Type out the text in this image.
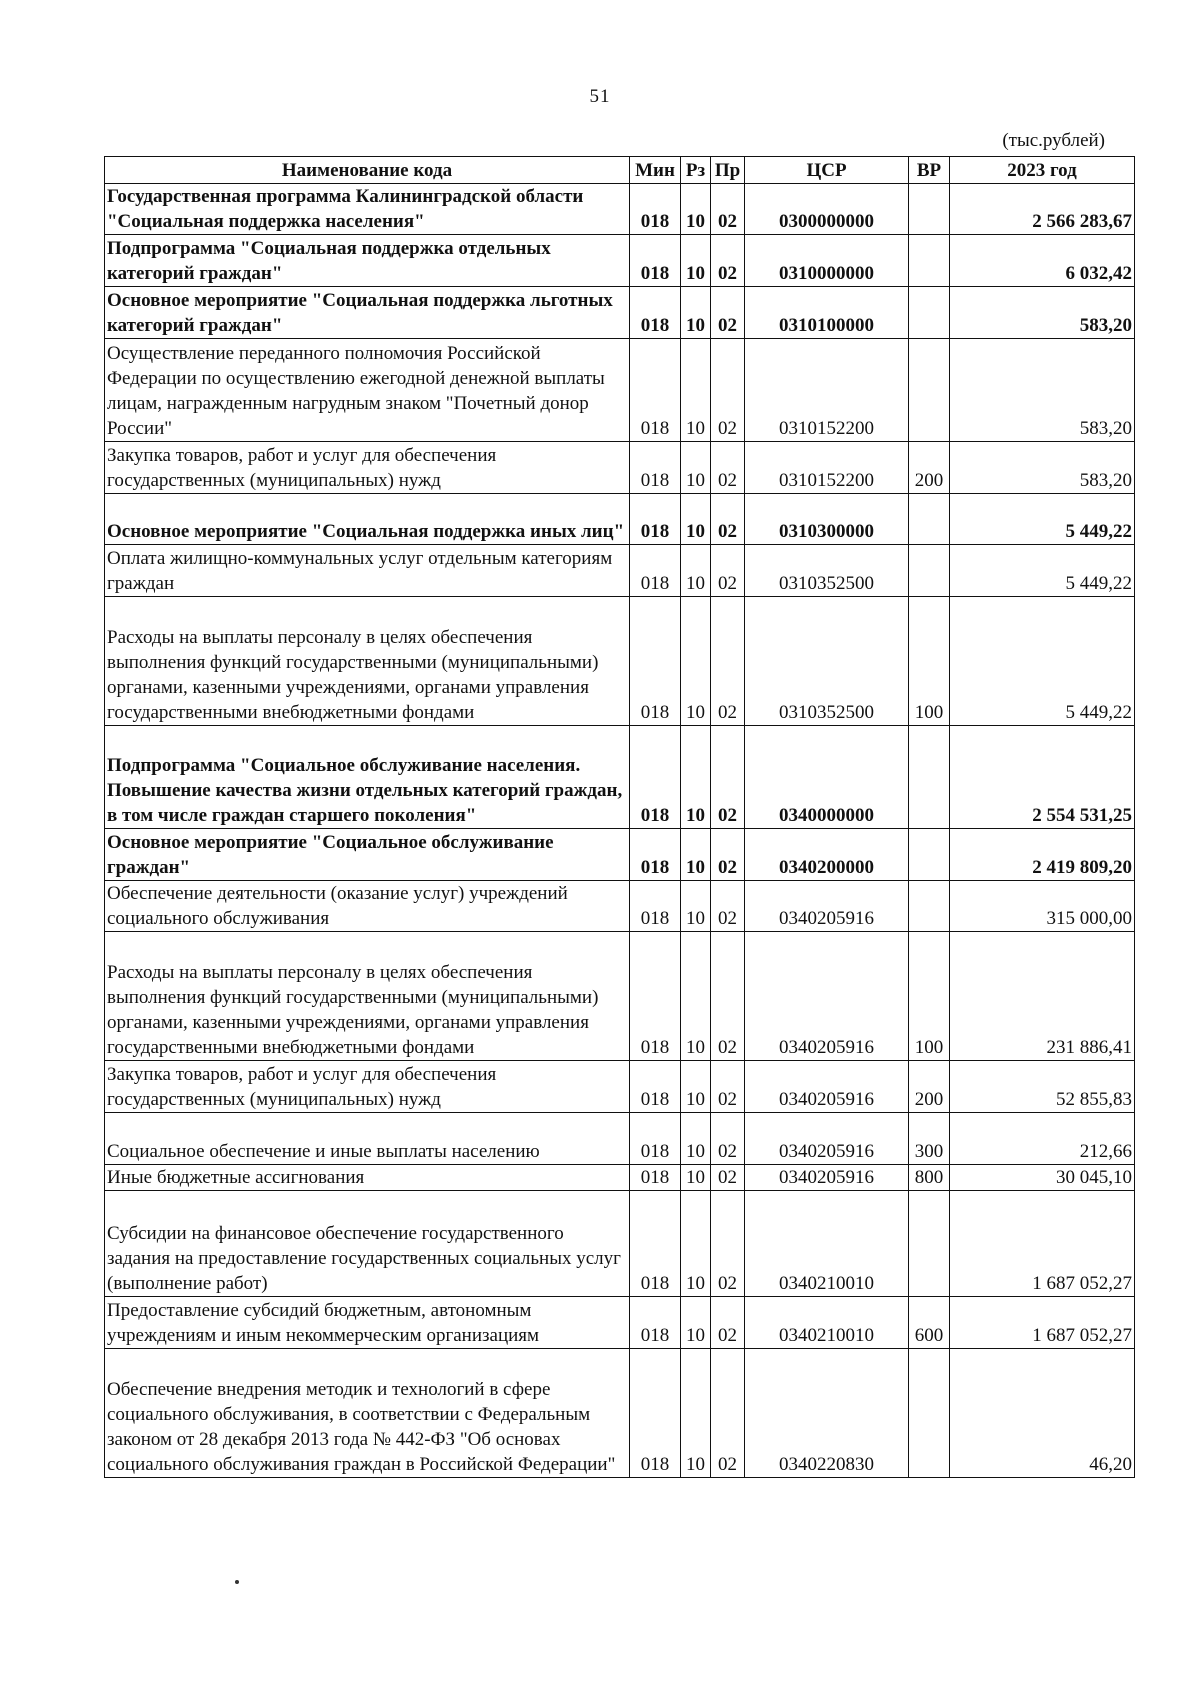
51
(тыс.рублей)
Наименование кода	Мин	Рз	Пр	ЦСР	ВР	2023 год
Государственная программа Калининградской области "Социальная поддержка населения"	018	10	02	0300000000		2 566 283,67
Подпрограмма "Социальная поддержка отдельных категорий граждан"	018	10	02	0310000000		6 032,42
Основное мероприятие "Социальная поддержка льготных категорий граждан"	018	10	02	0310100000		583,20
Осуществление переданного полномочия Российской Федерации по осуществлению ежегодной денежной выплаты лицам, награжденным нагрудным знаком "Почетный донор России"	018	10	02	0310152200		583,20
Закупка товаров, работ и услуг для обеспечения государственных (муниципальных) нужд	018	10	02	0310152200	200	583,20
Основное мероприятие "Социальная поддержка иных лиц"	018	10	02	0310300000		5 449,22
Оплата жилищно-коммунальных услуг отдельным категориям граждан	018	10	02	0310352500		5 449,22
Расходы на выплаты персоналу в целях обеспечения выполнения функций государственными (муниципальными) органами, казенными учреждениями, органами управления государственными внебюджетными фондами	018	10	02	0310352500	100	5 449,22
Подпрограмма "Социальное обслуживание населения. Повышение качества жизни отдельных категорий граждан, в том числе граждан старшего поколения"	018	10	02	0340000000		2 554 531,25
Основное мероприятие "Социальное обслуживание граждан"	018	10	02	0340200000		2 419 809,20
Обеспечение деятельности (оказание услуг) учреждений социального обслуживания	018	10	02	0340205916		315 000,00
Расходы на выплаты персоналу в целях обеспечения выполнения функций государственными (муниципальными) органами, казенными учреждениями, органами управления государственными внебюджетными фондами	018	10	02	0340205916	100	231 886,41
Закупка товаров, работ и услуг для обеспечения государственных (муниципальных) нужд	018	10	02	0340205916	200	52 855,83
Социальное обеспечение и иные выплаты населению	018	10	02	0340205916	300	212,66
Иные бюджетные ассигнования	018	10	02	0340205916	800	30 045,10
Субсидии на финансовое обеспечение государственного задания на предоставление государственных социальных услуг (выполнение работ)	018	10	02	0340210010		1 687 052,27
Предоставление субсидий бюджетным, автономным учреждениям и иным некоммерческим организациям	018	10	02	0340210010	600	1 687 052,27
Обеспечение внедрения методик и технологий в сфере социального обслуживания, в соответствии с Федеральным законом от 28 декабря 2013 года № 442-ФЗ "Об основах социального обслуживания граждан в Российской Федерации"	018	10	02	0340220830		46,20
